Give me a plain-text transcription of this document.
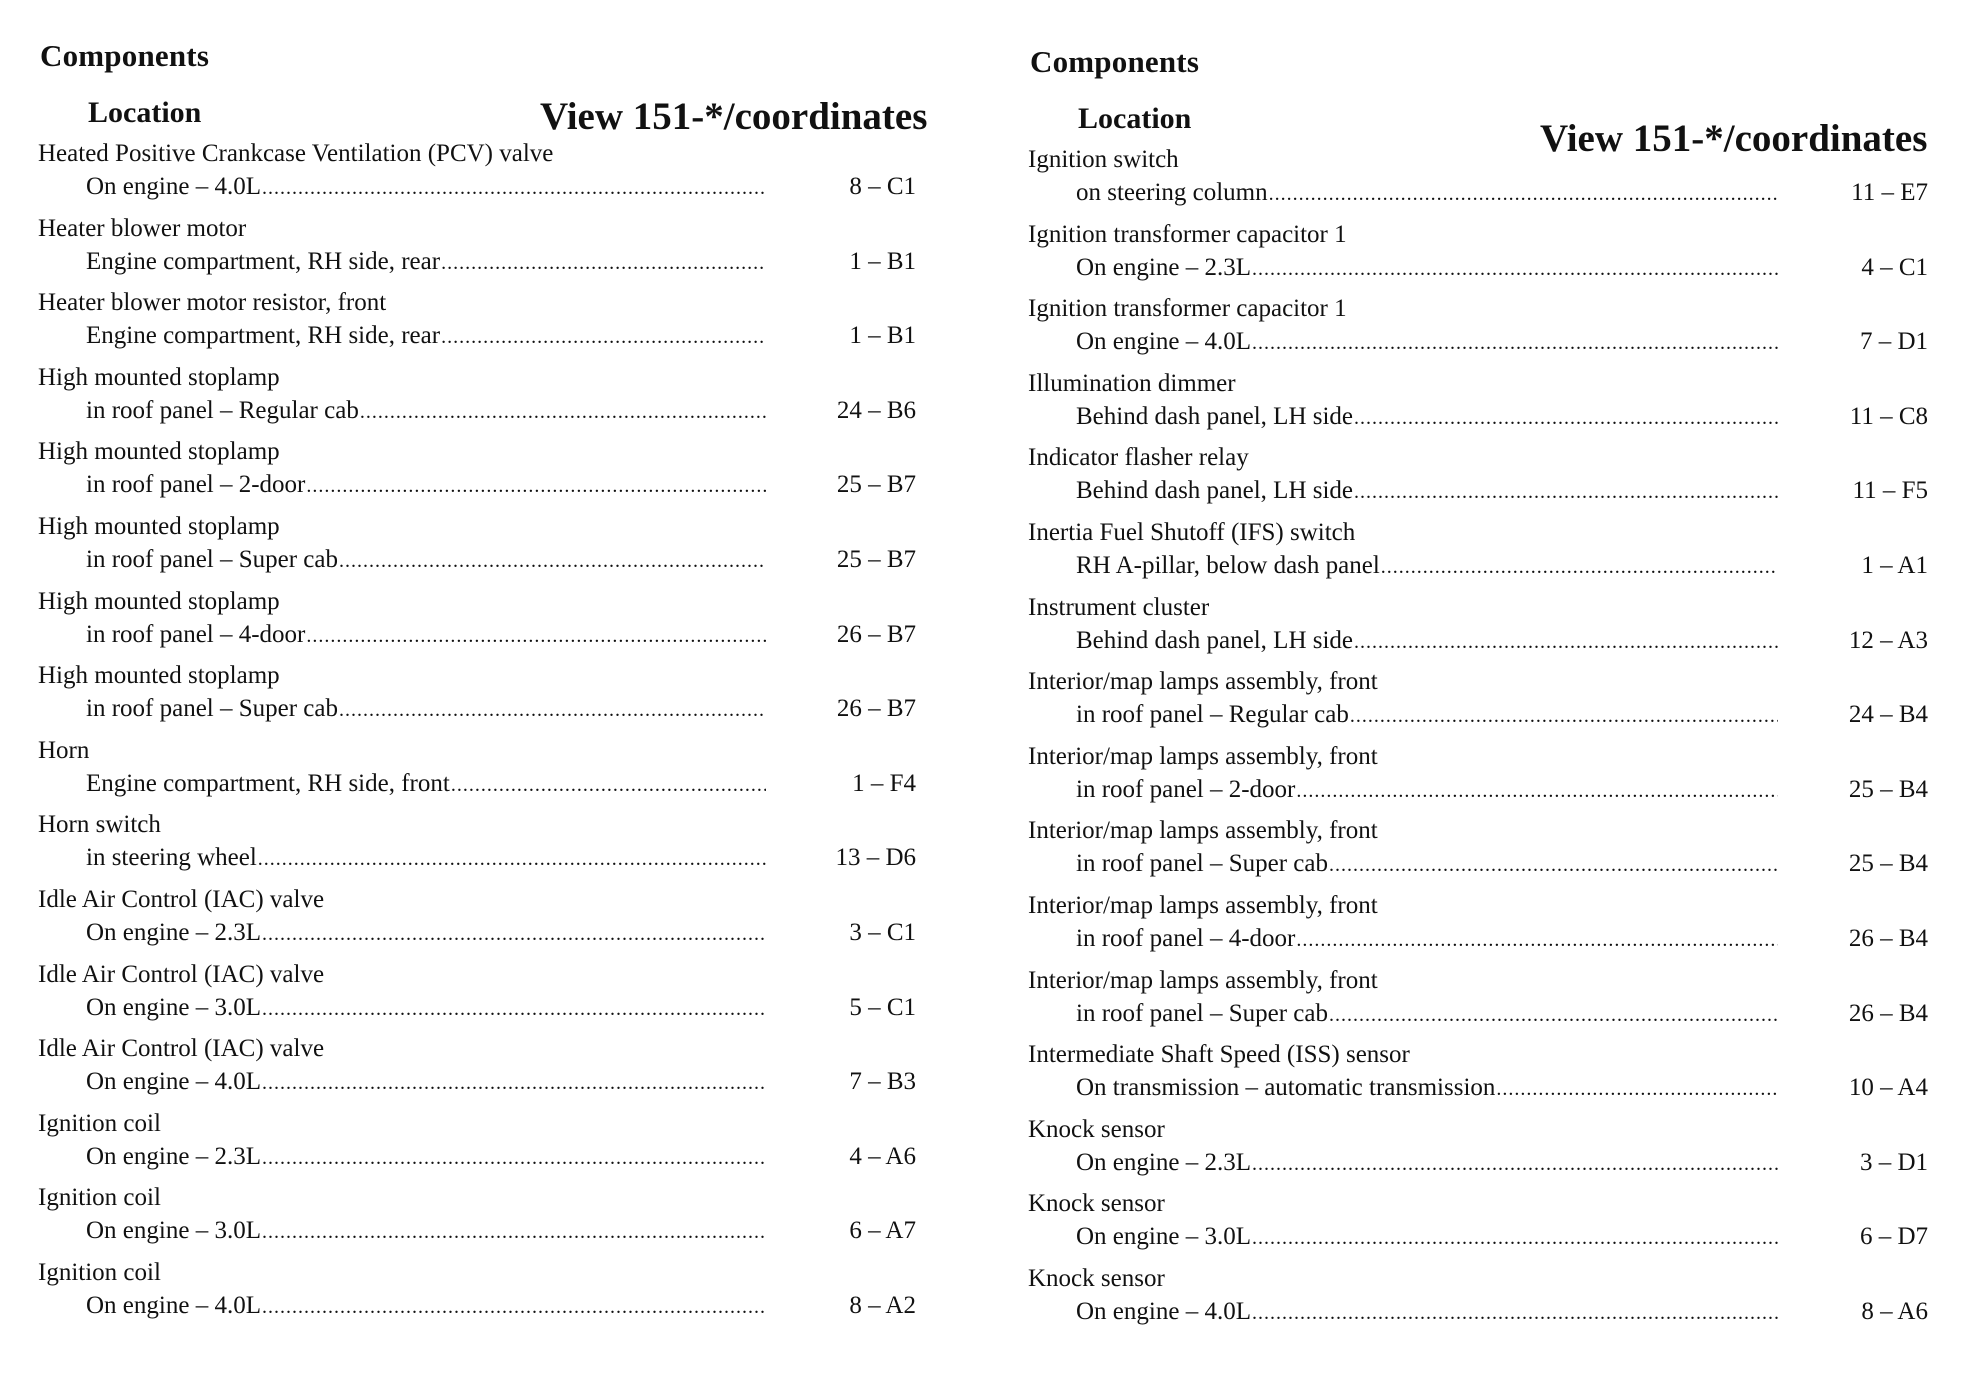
Components
Location	View 151-*/coordinates
Heated Positive Crankcase Ventilation (PCV) valve
On engine – 4.0L .....	8 – C1
Heater blower motor
Engine compartment, RH side, rear .....	1 – B1
Heater blower motor resistor, front
Engine compartment, RH side, rear .....	1 – B1
High mounted stoplamp
in roof panel – Regular cab .....	24 – B6
High mounted stoplamp
in roof panel – 2-door .....	25 – B7
High mounted stoplamp
in roof panel – Super cab .....	25 – B7
High mounted stoplamp
in roof panel – 4-door .....	26 – B7
High mounted stoplamp
in roof panel – Super cab .....	26 – B7
Horn
Engine compartment, RH side, front .....	1 – F4
Horn switch
in steering wheel .....	13 – D6
Idle Air Control (IAC) valve
On engine – 2.3L .....	3 – C1
Idle Air Control (IAC) valve
On engine – 3.0L .....	5 – C1
Idle Air Control (IAC) valve
On engine – 4.0L .....	7 – B3
Ignition coil
On engine – 2.3L .....	4 – A6
Ignition coil
On engine – 3.0L .....	6 – A7
Ignition coil
On engine – 4.0L .....	8 – A2
Components
Location	View 151-*/coordinates
Ignition switch
on steering column .....	11 – E7
Ignition transformer capacitor 1
On engine – 2.3L .....	4 – C1
Ignition transformer capacitor 1
On engine – 4.0L .....	7 – D1
Illumination dimmer
Behind dash panel, LH side .....	11 – C8
Indicator flasher relay
Behind dash panel, LH side .....	11 – F5
Inertia Fuel Shutoff (IFS) switch
RH A-pillar, below dash panel .....	1 – A1
Instrument cluster
Behind dash panel, LH side .....	12 – A3
Interior/map lamps assembly, front
in roof panel – Regular cab .....	24 – B4
Interior/map lamps assembly, front
in roof panel – 2-door .....	25 – B4
Interior/map lamps assembly, front
in roof panel – Super cab .....	25 – B4
Interior/map lamps assembly, front
in roof panel – 4-door .....	26 – B4
Interior/map lamps assembly, front
in roof panel – Super cab .....	26 – B4
Intermediate Shaft Speed (ISS) sensor
On transmission – automatic transmission .....	10 – A4
Knock sensor
On engine – 2.3L .....	3 – D1
Knock sensor
On engine – 3.0L .....	6 – D7
Knock sensor
On engine – 4.0L .....	8 – A6
